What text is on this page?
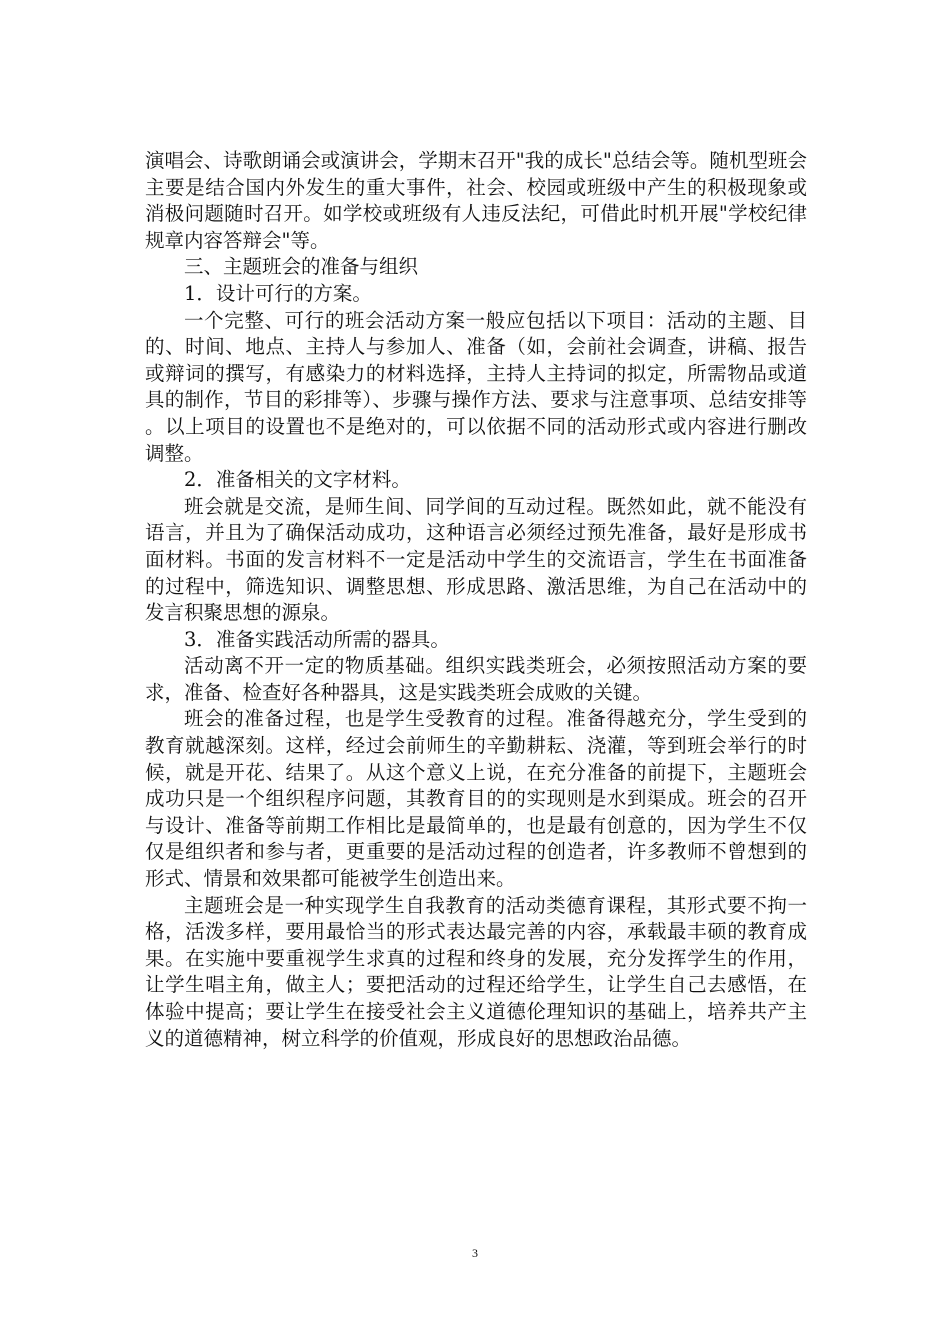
演唱会、诗歌朗诵会或演讲会，学期末召开"我的成长"总结会等。随机型班会主要是结合国内外发生的重大事件，社会、校园或班级中产生的积极现象或消极问题随时召开。如学校或班级有人违反法纪，可借此时机开展"学校纪律规章内容答辩会"等。

三、主题班会的准备与组织

1．设计可行的方案。

一个完整、可行的班会活动方案一般应包括以下项目：活动的主题、目的、时间、地点、主持人与参加人、准备（如，会前社会调查，讲稿、报告或辩词的撰写，有感染力的材料选择，主持人主持词的拟定，所需物品或道具的制作，节目的彩排等）、步骤与操作方法、要求与注意事项、总结安排等。以上项目的设置也不是绝对的，可以依据不同的活动形式或内容进行删改调整。

2．准备相关的文字材料。

班会就是交流，是师生间、同学间的互动过程。既然如此，就不能没有语言，并且为了确保活动成功，这种语言必须经过预先准备，最好是形成书面材料。书面的发言材料不一定是活动中学生的交流语言，学生在书面准备的过程中，筛选知识、调整思想、形成思路、激活思维，为自己在活动中的发言积聚思想的源泉。

3．准备实践活动所需的器具。

活动离不开一定的物质基础。组织实践类班会，必须按照活动方案的要求，准备、检查好各种器具，这是实践类班会成败的关键。

班会的准备过程，也是学生受教育的过程。准备得越充分，学生受到的教育就越深刻。这样，经过会前师生的辛勤耕耘、浇灌，等到班会举行的时候，就是开花、结果了。从这个意义上说，在充分准备的前提下，主题班会成功只是一个组织程序问题，其教育目的的实现则是水到渠成。班会的召开与设计、准备等前期工作相比是最简单的，也是最有创意的，因为学生不仅仅是组织者和参与者，更重要的是活动过程的创造者，许多教师不曾想到的形式、情景和效果都可能被学生创造出来。

主题班会是一种实现学生自我教育的活动类德育课程，其形式要不拘一格，活泼多样，要用最恰当的形式表达最完善的内容，承载最丰硕的教育成果。在实施中要重视学生求真的过程和终身的发展，充分发挥学生的作用，让学生唱主角，做主人；要把活动的过程还给学生，让学生自己去感悟，在体验中提高；要让学生在接受社会主义道德伦理知识的基础上，培养共产主义的道德精神，树立科学的价值观，形成良好的思想政治品德。

3
